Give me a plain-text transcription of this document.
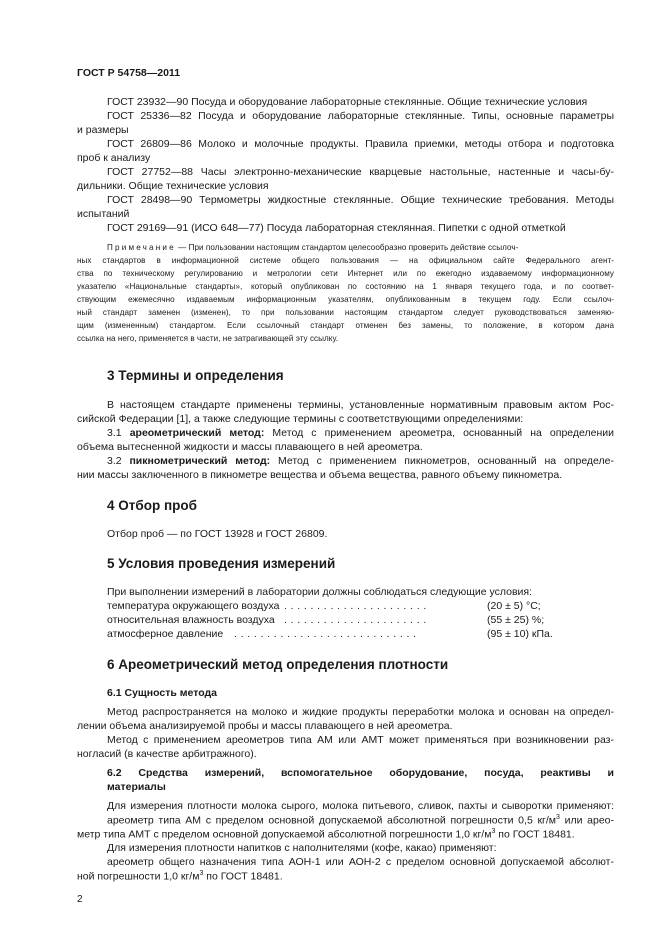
ГОСТ Р 54758—2011
ГОСТ 23932—90 Посуда и оборудование лабораторные стеклянные. Общие технические условия
ГОСТ 25336—82 Посуда и оборудование лабораторные стеклянные. Типы, основные параметры
и размеры
ГОСТ 26809—86 Молоко и молочные продукты. Правила приемки, методы отбора и подготовка
проб к анализу
ГОСТ 27752—88 Часы электронно-механические кварцевые настольные, настенные и часы-бу-
дильники. Общие технические условия
ГОСТ 28498—90 Термометры жидкостные стеклянные. Общие технические требования. Методы
испытаний
ГОСТ 29169—91 (ИСО 648—77) Посуда лабораторная стеклянная. Пипетки с одной отметкой
Примечание — При пользовании настоящим стандартом целесообразно проверить действие ссылоч-
ных стандартов в информационной системе общего пользования — на официальном сайте Федерального агент-
ства по техническому регулированию и метрологии сети Интернет или по ежегодно издаваемому информационному
указателю «Национальные стандарты», который опубликован по состоянию на 1 января текущего года, и по соответ-
ствующим ежемесячно издаваемым информационным указателям, опубликованным в текущем году. Если ссылоч-
ный стандарт заменен (изменен), то при пользовании настоящим стандартом следует руководствоваться заменяю-
щим (измененным) стандартом. Если ссылочный стандарт отменен без замены, то положение, в котором дана
ссылка на него, применяется в части, не затрагивающей эту ссылку.
3 Термины и определения
В настоящем стандарте применены термины, установленные нормативным правовым актом Рос-
сийской Федерации [1], а также следующие термины с соответствующими определениями:
3.1 ареометрический метод: Метод с применением ареометра, основанный на определении
объема вытесненной жидкости и массы плавающего в ней ареометра.
3.2 пикнометрический метод: Метод с применением пикнометров, основанный на определе-
нии массы заключенного в пикнометре вещества и объема вещества, равного объему пикнометра.
4 Отбор проб
Отбор проб — по ГОСТ 13928 и ГОСТ 26809.
5 Условия проведения измерений
При выполнении измерений в лаборатории должны соблюдаться следующие условия:
температура окружающего воздуха . . . . . . . . . . . . . . . . . . . . . .	(20 ± 5) °С;
относительная влажность воздуха . . . . . . . . . . . . . . . . . . . . . .	(55 ± 25) %;
атмосферное давление . . . . . . . . . . . . . . . . . . . . . . . . . . . .	(95 ± 10) кПа.
6 Ареометрический метод определения плотности
6.1 Сущность метода
Метод распространяется на молоко и жидкие продукты переработки молока и основан на определ-
лении объема анализируемой пробы и массы плавающего в ней ареометра.
Метод с применением ареометров типа АМ или АМТ может применяться при возникновении раз-
ногласий (в качестве арбитражного).
6.2 Средства измерений, вспомогательное оборудование, посуда, реактивы и
материалы
Для измерения плотности молока сырого, молока питьевого, сливок, пахты и сыворотки применяют:
ареометр типа АМ с пределом основной допускаемой абсолютной погрешности 0,5 $кг/м^3$ или арео-
метр типа АМТ с пределом основной допускаемой абсолютной погрешности 1,0 $кг/м^3$ по ГОСТ 18481.
Для измерения плотности напитков с наполнителями (кофе, какао) применяют:
ареометр общего назначения типа АОН-1 или АОН-2 с пределом основной допускаемой абсолют-
ной погрешности 1,0 $кг/м^3$ по ГОСТ 18481.
2
